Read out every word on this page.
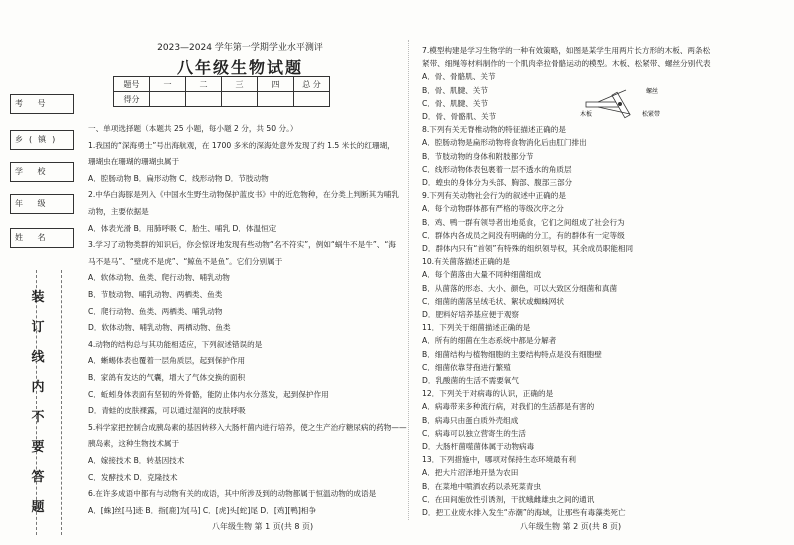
考 号
乡(镇)
学 校
年 级
姓 名
装
订
线
内
不
要
答
题
2023—2024 学年第一学期学业水平测评
八年级生物试题
题号	一	二	三	四	总 分
得分					
一、单项选择题（本题共 25 小题，每小题 2 分，共 50 分。）
1.我国的“深海勇士”号出海航观，在 1700 多米的深海处意外发现了约 1.5 米长的红珊瑚，
珊瑚虫在珊瑚的珊瑚虫属于
A．腔肠动物 B．扁形动物 C．线形动物 D．节肢动物
2.中华白海豚是列入《中国水生野生动物保护蓝皮书》中的近危物种，在分类上判断其为哺乳
动物，主要依据是
A．体表光滑 B．用肺呼吸 C．胎生、哺乳 D．体温恒定
3.学习了动物类群的知识后，你会惊讶地发现有些动物“名不符实”，例如“蜗牛不是牛”、“海
马不是马”、“壁虎不是虎”、“鲸鱼不是鱼”。它们分别属于
A．软体动物、鱼类、爬行动物、哺乳动物
B．节肢动物、哺乳动物、两栖类、鱼类
C．爬行动物、鱼类、两栖类、哺乳动物
D．软体动物、哺乳动物、两栖动物、鱼类
4.动物的结构总与其功能相适应，下列叙述错误的是
A．蜥蜴体表也覆着一层角质层，起到保护作用
B．家鸽有发达的气囊，增大了气体交换的面积
C．蚯蚓身体表面有坚韧的外骨骼，能防止体内水分蒸发，起到保护作用
D．青蛙的皮肤裸露，可以通过湿润的皮肤呼吸
5.科学家把控制合成胰岛素的基因转移入大肠杆菌内进行培养，使之生产治疗糖尿病的药物——
胰岛素，这种生物技术属于
A．嫁接技术 B．转基因技术
C．发酵技术 D．克隆技术
6.在许多成语中都有与动物有关的成语，其中所涉及到的动物都属于恒温动物的成语是
A．[蛛]丝[马]迹 B．指[鹿]为[马] C．[虎]头[蛇]尾 D．[鸡][鸭]相争
八年级生物 第 1 页(共 8 页)
7.模型构建是学习生物学的一种有效策略，如图是某学生用两片长方形的木板、两条松
紧带、细绳等材料制作的一个肌肉牵拉骨骼运动的模型。木板、松紧带、螺丝分别代表
A．骨、骨骼肌、关节
B．骨、肌腱、关节
C．骨、肌腱、关节
D．骨、骨骼肌、关节
8.下列有关无脊椎动物的特征描述正确的是
A．腔肠动物是扁形动物将食物消化后由肛门排出
B．节肢动物的身体和附肢都分节
C．线形动物体表包裹着一层不透水的角质层
D．蝗虫的身体分为头部、胸部、腹部三部分
9.下列有关动物社会行为的叙述中正确的是
A．每个动物群体都有严格的等级次序之分
B．鸡、鸭一群有领导者出地觅食，它们之间组成了社会行为
C．群体内各成员之间没有明确的分工，有的群体有一定等级
D．群体内只有“首领”有特殊的组织领导权，其余成员职能相同
10.有关菌落描述正确的是
A．每个菌落由大量不同种细菌组成
B．从菌落的形态、大小、颜色，可以大致区分细菌和真菌
C．细菌的菌落呈绒毛状、絮状或蜘蛛网状
D．肥料好培养基应便于观察
11．下列关于细菌描述正确的是
A．所有的细菌在生态系统中都是分解者
B．细菌结构与植物细胞的主要结构特点是没有细胞壁
C．细菌依靠芽孢进行繁殖
D．乳酸菌的生活不需要氧气
12．下列关于对病毒的认识，正确的是
A．病毒带来多种流行病，对我们的生活都是有害的
B．病毒只由蛋白质外壳组成
C．病毒可以独立营寄生的生活
D．大肠杆菌噬菌体属于动物病毒
13．下列措施中，哪项对保持生态环境最有利
A．把大片沼泽地开垦为农田
B．在菜地中喷洒农药以杀死菜青虫
C．在田间施放性引诱剂，干扰蛾雌雄虫之间的通讯
D．把工业废水排入发生“赤潮”的海域，让那些有毒藻类死亡
螺丝
木板	松紧带
八年级生物 第 2 页(共 8 页)
